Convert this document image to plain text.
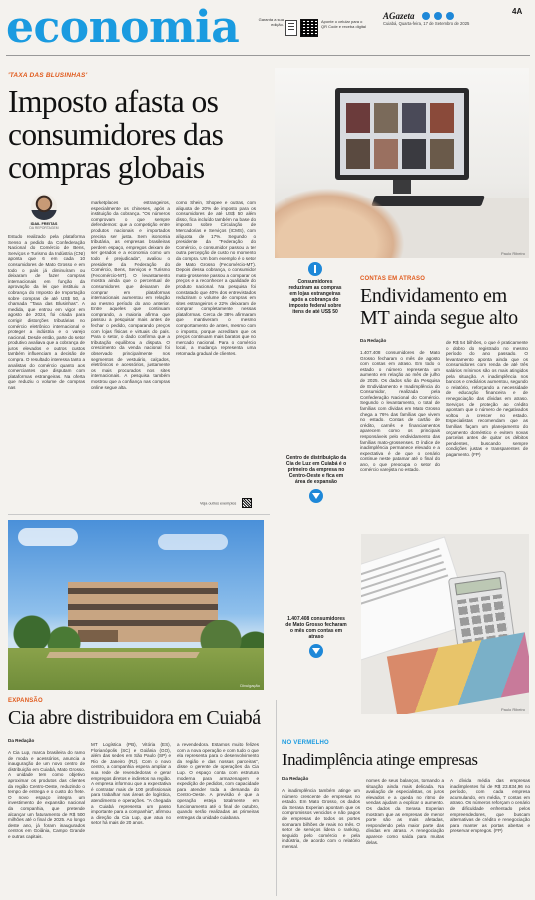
economia	Garanta a sua edição.
Aponte o celular para o QR Code e receba digital
AGazeta	4A
Cuiabá, Quarta-feira, 17 de Setembro de 2025
'TAXA DAS BLUSINHAS'
Imposto afasta os consumidores das compras globais
IDAIL FREITAS
DA REPORTAGEM
Estudo realizado pela plataforma Senso a pedido da Confederação Nacional do Comércio de Bens, Serviços e Turismo da Indústria (CNI) aponta que 6 em cada 10 consumidores de Mato Grosso e em todo o país já diminuíram ou deixaram de fazer compras internacionais em função da aprovação da lei que instituiu a cobrança do Imposto de Importação sobre compras de até US$ 50, a chamada "Taxa das Blusinhas". A medida, que entrou em vigor em agosto de 2024, foi criada para corrigir distorções tributárias no comércio eletrônico internacional e proteger a indústria e o varejo nacional. Desde então, parte do setor produtivo avaliava que a cobrança de juros elevados e outros custos também influenciam a decisão de compra. O resultado interessa tanto a analistas do comércio quanto aos comerciantes que disputam com plataformas estrangeiras. Na oferta que reduziu o volume de compras nas
marketplaces estrangeiros, especialmente os chineses, após a instituição da cobrança. "Os números comprovam o que sempre defendemos: que a competição entre produtos nacionais e importados precisa ser justa. Sem isonomia tributária, as empresas brasileiras perdem espaço, empregos deixam de ser gerados e a economia como um todo é prejudicada", avaliou o presidente da Federação do Comércio, Bens, Serviços e Turismo (Fecomércio-MT). O levantamento mostra ainda que o percentual de consumidores que deixaram de comprar em plataformas internacionais aumentou em relação ao mesmo período do ano anterior. Entre aqueles que continuam comprando, a maioria afirma que passou a pesquisar mais antes de fechar o pedido, comparando preços com lojas físicas e virtuais do país. Para o setor, o dado confirma que a tributação equilibrou a disputa. O crescimento da venda nacional foi observado principalmente nos segmentos de vestuário, calçados, eletrônicos e acessórios, justamente os mais procurados nos sites internacionais. A pesquisa também mostrou que a confiança nas compras online segue alta.
como Shein, Shopee e outras, com aliquota de 20% de imposto para os consumidores de até US$ 50 além disso, fica incluído também na base do imposto sobre Circulação de Mercadorias e Serviços (ICMS), com alíquota de 17%. Segundo o presidente da "Federação do Comércio, o consumidor passou a ter outra percepção de custo no momento da compra. Um bom exemplo é o setor de Mato Grosso (Fecomércio-MT). Depois dessa cobrança, o consumidor mato-grossense passou a comparar os preços e a reconhecer a qualidade do produto nacional. Na pesquisa foi constatado que 40% dos entrevistados reduziram o volume de compras em sites estrangeiros e 22% deixaram de comprar completamente nessas plataformas. Cerca de 38% afirmaram que mantiveram o mesmo comportamento de antes, mesmo com o imposto, porque acreditam que os preços continuam mais baratos que no mercado nacional. Para o comércio local, a mudança representa uma retomada gradual de clientes.
Veja outros exemplos
Paulo Ribeiro
Consumidores reduziram as compras em lojas estrangeiras após a cobrança do imposto federal sobre itens de até US$ 50
CONTAS EM ATRASO
Endividamento em MT ainda segue alto
Da Redação
1.407.408 consumidores de Mato Grosso fecharam o mês de agosto com contas em atraso. Em todo o estado o número representa um aumento em relação ao mês de julho de 2025. Os dados são da Pesquisa de Endividamento e Inadimplência do Consumidor, realizada pela Confederação Nacional do Comércio. Segundo o levantamento, o total de famílias com dívidas em Mato Grosso chega a 76% das famílias que vivem no estado. Contas de cartão de crédito, carnês e financiamentos aparecem como os principais responsáveis pelo endividamento das famílias mato-grossenses. O índice de inadimplência permanece elevado e a expectativa é de que o cenário continue neste patamar até o final do ano, o que preocupa o setor do comércio varejista no estado.
de R$ 54 bilhões, o que é praticamente o dobro do registrado no mesmo período do ano passado. O levantamento aponta ainda que os consumidores com renda de até três salários mínimos são os mais atingidos pela situação. A inadimplência nos bancos e crediários aumentou, segundo o relatório, reforçando a necessidade de educação financeira e de renegociação das dívidas em atraso. Serviços de proteção ao crédito apontam que o número de negativados voltou a crescer no estado. Especialistas recomendam que as famílias façam um planejamento do orçamento doméstico e evitem novas parcelas antes de quitar os débitos pendentes, buscando sempre condições justas e transparentes de pagamento. (FP)
Centro de distribuição da Cia de Luz em Cuiabá é o primeiro da empresa no Centro-Oeste e fica em área de expansão
Divulgação
Paulo Ribeiro
1.407.408 consumidores de Mato Grosso fecharam o mês com contas em atraso
EXPANSÃO
Cia abre distribuidora em Cuiabá
Da Redação
A Cia Lup, marca brasileira do ramo de moda e acessórios, anuncia a inauguração de um novo centro de distribuição em Cuiabá, Mato Grosso. A unidade tem como objetivo aproximar os produtos das clientes da região Centro-Oeste, reduzindo o tempo de entrega e o custo do frete. O novo espaço integra um investimento de expansão nacional da companhia, que pretende alcançar um faturamento de R$ 500 milhões até o final de 2025. Ao longo deste ano, já foram inaugurados centros em Goiânia, Campo Grande e outras capitais.
MT Logística (PB), Vitória (ES), Florianópolis (SC) e Goiânia (GO), além das sedes em São Paulo (SP) e Rio de Janeiro (RJ). Com o novo centro, a companhia espera ampliar a sua rede de revendedoras e gerar empregos diretos e indiretos na região. A empresa informou que a expectativa é contratar mais de 100 profissionais para trabalhar nas áreas de logística, atendimento e operações. "A chegada a Cuiabá representa um passo importante para a companhia", afirmou a direção da Cia Lup, que atua no setor há mais de 20 anos.
a revendedora. Estamos muito felizes com a nova operação e com tudo o que ela representa para o desenvolvimento da região e das nossas parceiras", disse o gerente de operações da Cia Lup. O espaço conta com estrutura moderna para armazenagem e expedição de pedidos, com capacidade para atender toda a demanda do Centro-Oeste. A previsão é que a operação esteja totalmente em funcionamento até o final de outubro, quando serão realizadas as primeiras entregas da unidade cuiabana.
NO VERMELHO
Inadimplência atinge empresas
Da Redação
A inadimplência também atinge um número crescente de empresas no estado. Em Mato Grosso, os dados da Serasa Experian apontam que os compromissos vencidos e não pagos de empresas de todos os portes somaram bilhões de reais no mês. O setor de serviços lidera o ranking, seguido pelo comércio e pela indústria, de acordo com o relatório mensal.
nomes de seus balanços, tornando a situação ainda mais delicada. Na avaliação de especialistas, os juros elevados e a queda no ritmo de vendas ajudam a explicar o aumento. Os dados da Serasa Experian mostram que as empresas de menor porte são as mais afetadas, respondendo pela maior parte das dívidas em atraso. A renegociação aparece como saída para muitas delas.
A dívida média das empresas inadimplentes foi de R$ 23.834,96 no período, com cada empresa acumulando, em média, 7 contas em atraso. Os números reforçam o cenário de dificuldade enfrentado pelos empreendedores, que buscam alternativas de crédito e renegociação para manter as portas abertas e preservar empregos. (FP)
